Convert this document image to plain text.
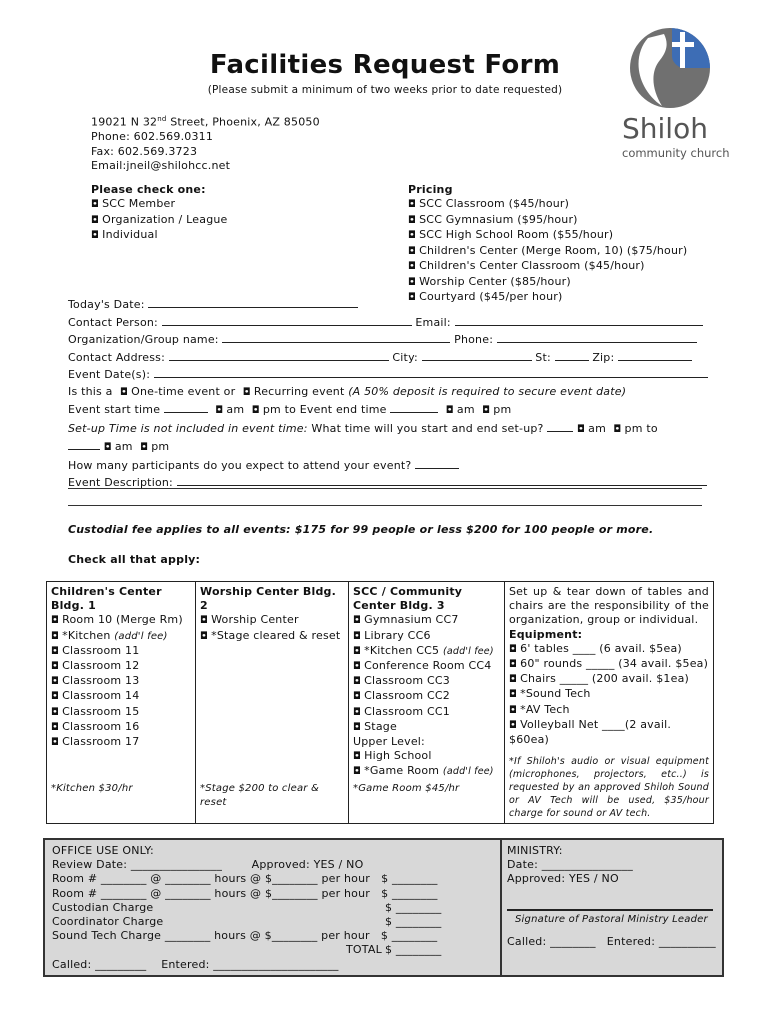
Facilities Request Form
(Please submit a minimum of two weeks prior to date requested)
19021 N 32nd Street, Phoenix, AZ 85050
Phone: 602.569.0311
Fax: 602.569.3723
Email:jneil@shilohcc.net
Shiloh
community church
Please check one:
◘ SCC Member
◘ Organization / League
◘ Individual
Pricing
◘ SCC Classroom ($45/hour)
◘ SCC Gymnasium ($95/hour)
◘ SCC High School Room ($55/hour)
◘ Children's Center (Merge Room, 10) ($75/hour)
◘ Children's Center Classroom ($45/hour)
◘ Worship Center ($85/hour)
◘ Courtyard ($45/per hour)
Today's Date:
Contact Person:	Email:
Organization/Group name:	Phone:
Contact Address:	City:	St:	Zip:
Event Date(s):
Is this a ◘ One-time event or ◘ Recurring event (A 50% deposit is required to secure event date)
Event start time	◘ am ◘ pm to Event end time	◘ am ◘ pm
Set-up Time is not included in event time: What time will you start and end set-up?	◘ am ◘ pm to
◘ am ◘ pm
How many participants do you expect to attend your event?
Event Description:
Custodial fee applies to all events: $175 for 99 people or less $200 for 100 people or more.
Check all that apply:
Children's Center Bldg. 1
◘ Room 10 (Merge Rm)
◘ *Kitchen (add'l fee)
◘ Classroom 11
◘ Classroom 12
◘ Classroom 13
◘ Classroom 14
◘ Classroom 15
◘ Classroom 16
◘ Classroom 17
*Kitchen $30/hr

Worship Center Bldg. 2
◘ Worship Center
◘ *Stage cleared & reset
*Stage $200 to clear & reset

SCC / Community Center Bldg. 3
◘ Gymnasium CC7
◘ Library CC6
◘ *Kitchen CC5 (add'l fee)
◘ Conference Room CC4
◘ Classroom CC3
◘ Classroom CC2
◘ Classroom CC1
◘ Stage
Upper Level:
◘ High School
◘ *Game Room (add'l fee)
*Game Room $45/hr

Set up & tear down of tables and chairs are the responsibility of the organization, group or individual.
Equipment:
◘ 6' tables ____ (6 avail. $5ea)
◘ 60" rounds _____ (34 avail. $5ea)
◘ Chairs _____ (200 avail. $1ea)
◘ *Sound Tech
◘ *AV Tech
◘ Volleyball Net ____(2 avail. $60ea)
*If Shiloh's audio or visual equipment (microphones, projectors, etc..) is requested by an approved Shiloh Sound or AV Tech will be used, $35/hour charge for sound or AV tech.
OFFICE USE ONLY:
Review Date: ________________	Approved: YES / NO
Room # ________ @ ________ hours @ $________ per hour $ ________
Room # ________ @ ________ hours @ $________ per hour $ ________
Custodian Charge	$ ________
Coordinator Charge	$ ________
Sound Tech Charge ________ hours @ $________ per hour $ ________
TOTAL $ ________

Called: _________ Entered: ______________________
MINISTRY:
Date: ________________
Approved: YES / NO
Signature of Pastoral Ministry Leader
Called: ________ Entered: __________
